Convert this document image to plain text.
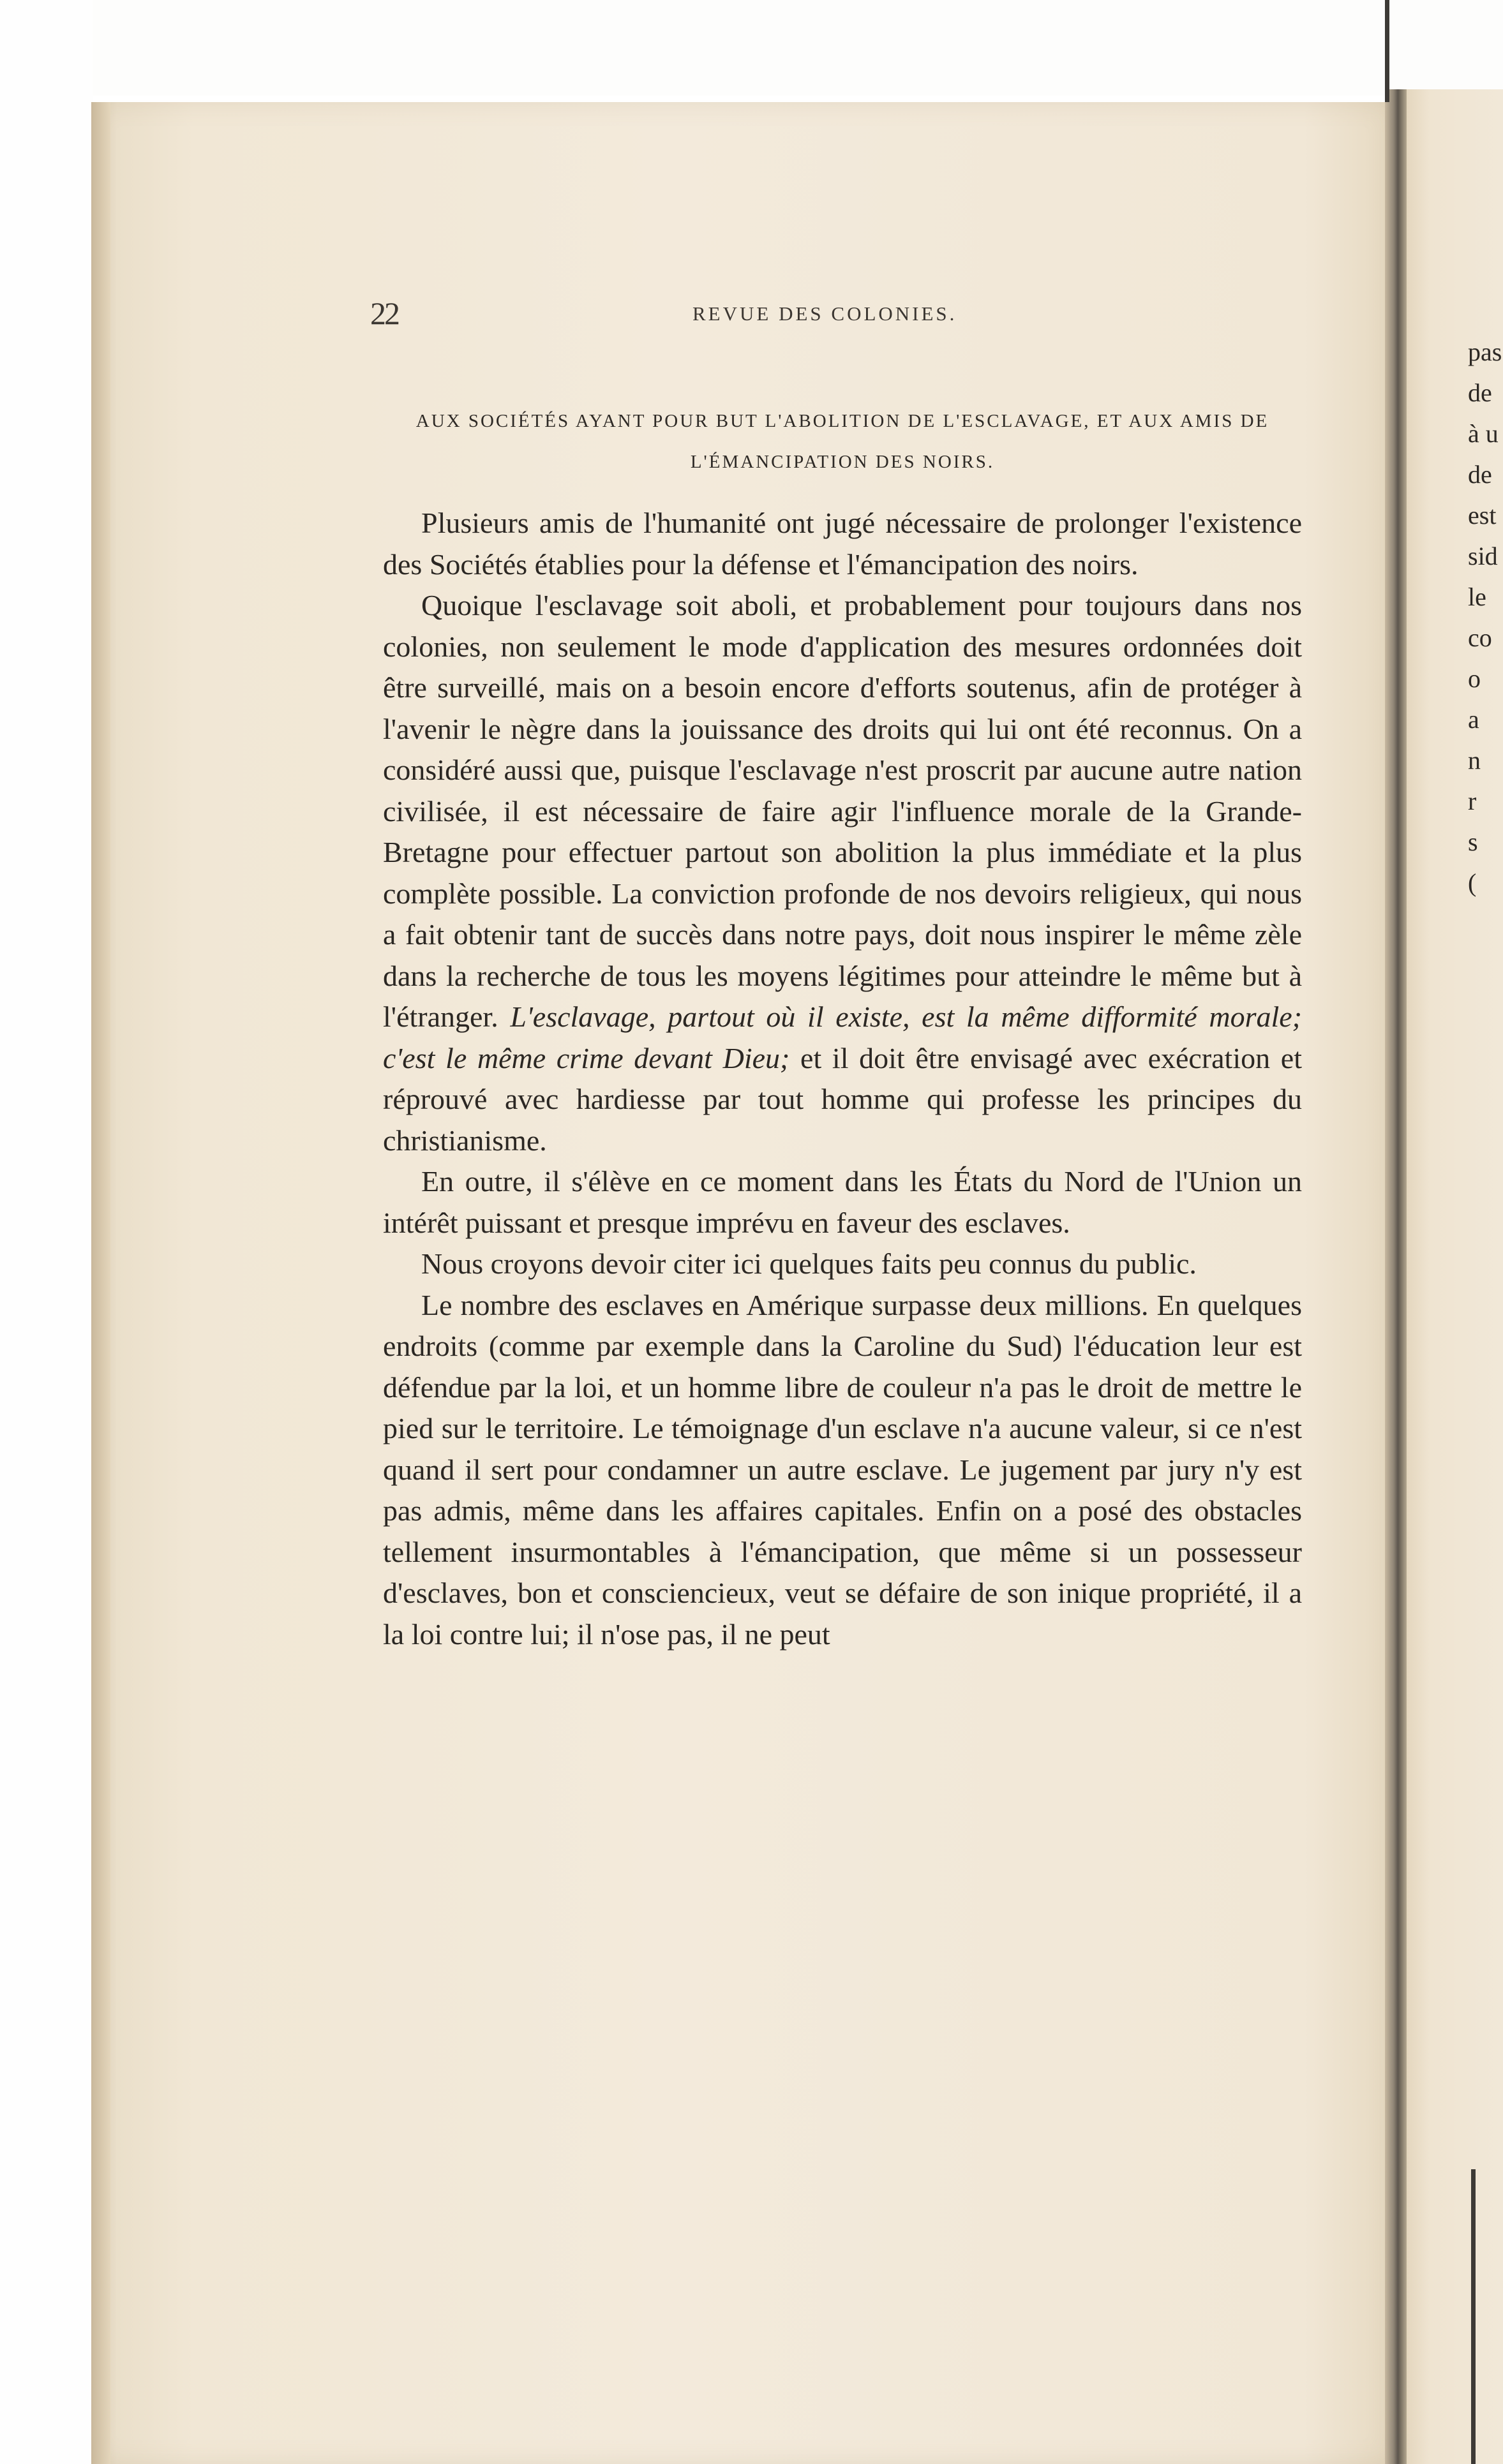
pas
de
à u
de
est
sid
le
co
o
a
n
r
s
(
22	REVUE DES COLONIES.
AUX SOCIÉTÉS AYANT POUR BUT L'ABOLITION DE L'ESCLAVAGE, ET AUX AMIS DE L'ÉMANCIPATION DES NOIRS.

Plusieurs amis de l'humanité ont jugé nécessaire de prolonger l'existence des Sociétés établies pour la défense et l'émancipation des noirs.

Quoique l'esclavage soit aboli, et probablement pour toujours dans nos colonies, non seulement le mode d'application des mesures ordonnées doit être surveillé, mais on a besoin encore d'efforts soutenus, afin de protéger à l'avenir le nègre dans la jouissance des droits qui lui ont été reconnus. On a considéré aussi que, puisque l'esclavage n'est proscrit par aucune autre nation civilisée, il est nécessaire de faire agir l'influence morale de la Grande-Bretagne pour effectuer partout son abolition la plus immédiate et la plus complète possible. La conviction profonde de nos devoirs religieux, qui nous a fait obtenir tant de succès dans notre pays, doit nous inspirer le même zèle dans la recherche de tous les moyens légitimes pour atteindre le même but à l'étranger. L'esclavage, partout où il existe, est la même difformité morale; c'est le même crime devant Dieu; et il doit être envisagé avec exécration et réprouvé avec hardiesse par tout homme qui professe les principes du christianisme.

En outre, il s'élève en ce moment dans les États du Nord de l'Union un intérêt puissant et presque imprévu en faveur des esclaves.

Nous croyons devoir citer ici quelques faits peu connus du public.

Le nombre des esclaves en Amérique surpasse deux millions. En quelques endroits (comme par exemple dans la Caroline du Sud) l'éducation leur est défendue par la loi, et un homme libre de couleur n'a pas le droit de mettre le pied sur le territoire. Le témoignage d'un esclave n'a aucune valeur, si ce n'est quand il sert pour condamner un autre esclave. Le jugement par jury n'y est pas admis, même dans les affaires capitales. Enfin on a posé des obstacles tellement insurmontables à l'émancipation, que même si un possesseur d'esclaves, bon et consciencieux, veut se défaire de son inique propriété, il a la loi contre lui; il n'ose pas, il ne peut
